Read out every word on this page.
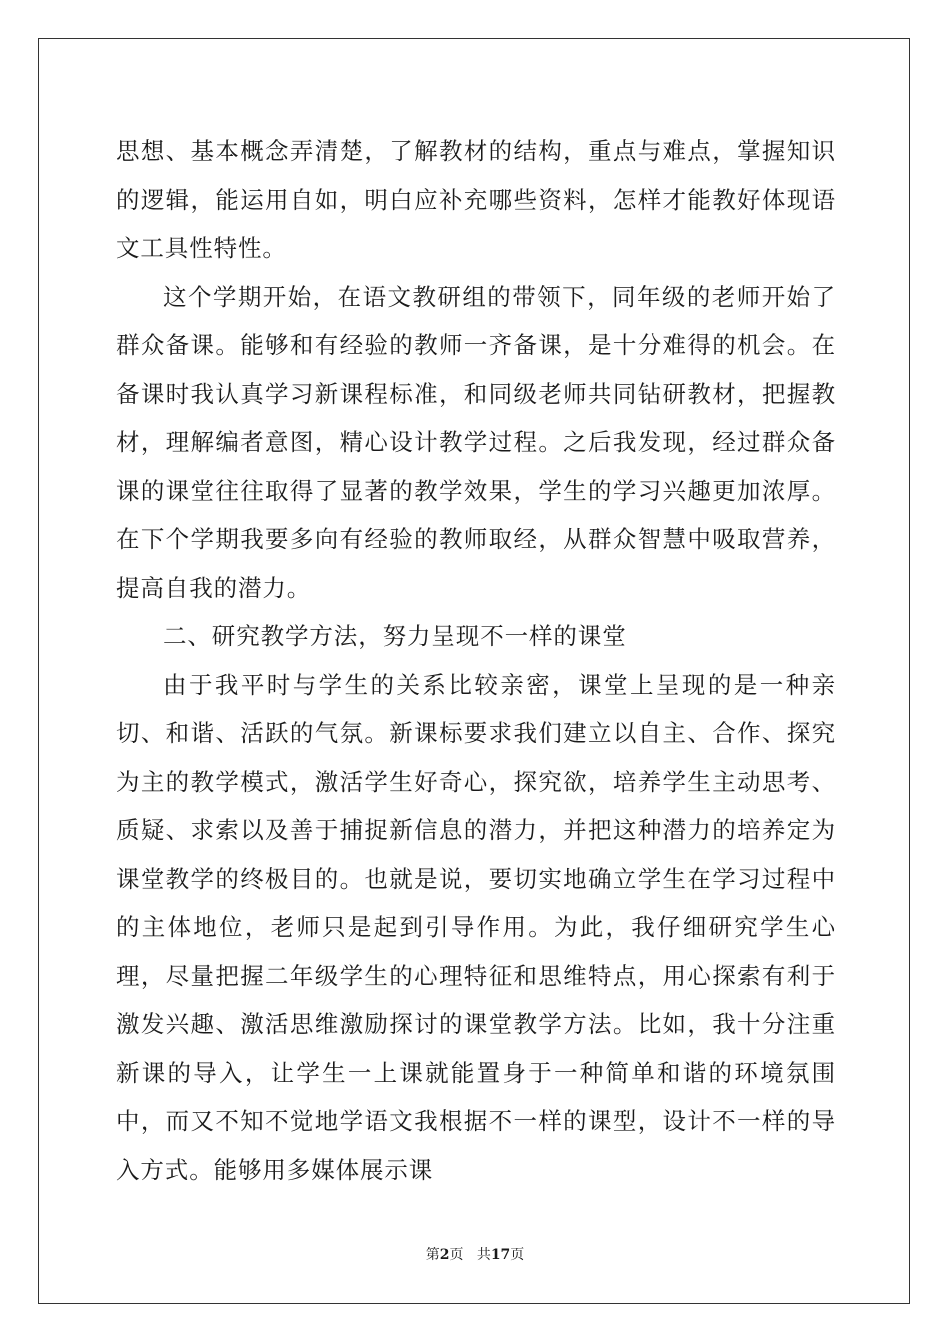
思想、基本概念弄清楚，了解教材的结构，重点与难点，掌握知识的逻辑，能运用自如，明白应补充哪些资料，怎样才能教好体现语文工具性特性。

这个学期开始，在语文教研组的带领下，同年级的老师开始了群众备课。能够和有经验的教师一齐备课，是十分难得的机会。在备课时我认真学习新课程标准，和同级老师共同钻研教材，把握教材，理解编者意图，精心设计教学过程。之后我发现，经过群众备课的课堂往往取得了显著的教学效果，学生的学习兴趣更加浓厚。在下个学期我要多向有经验的教师取经，从群众智慧中吸取营养，提高自我的潜力。

二、研究教学方法，努力呈现不一样的课堂

由于我平时与学生的关系比较亲密，课堂上呈现的是一种亲切、和谐、活跃的气氛。新课标要求我们建立以自主、合作、探究为主的教学模式，激活学生好奇心，探究欲，培养学生主动思考、质疑、求索以及善于捕捉新信息的潜力，并把这种潜力的培养定为课堂教学的终极目的。也就是说，要切实地确立学生在学习过程中的主体地位，老师只是起到引导作用。为此，我仔细研究学生心理，尽量把握二年级学生的心理特征和思维特点，用心探索有利于激发兴趣、激活思维激励探讨的课堂教学方法。比如，我十分注重新课的导入，让学生一上课就能置身于一种简单和谐的环境氛围中，而又不知不觉地学语文我根据不一样的课型，设计不一样的导入方式。能够用多媒体展示课

第2页 共17页
